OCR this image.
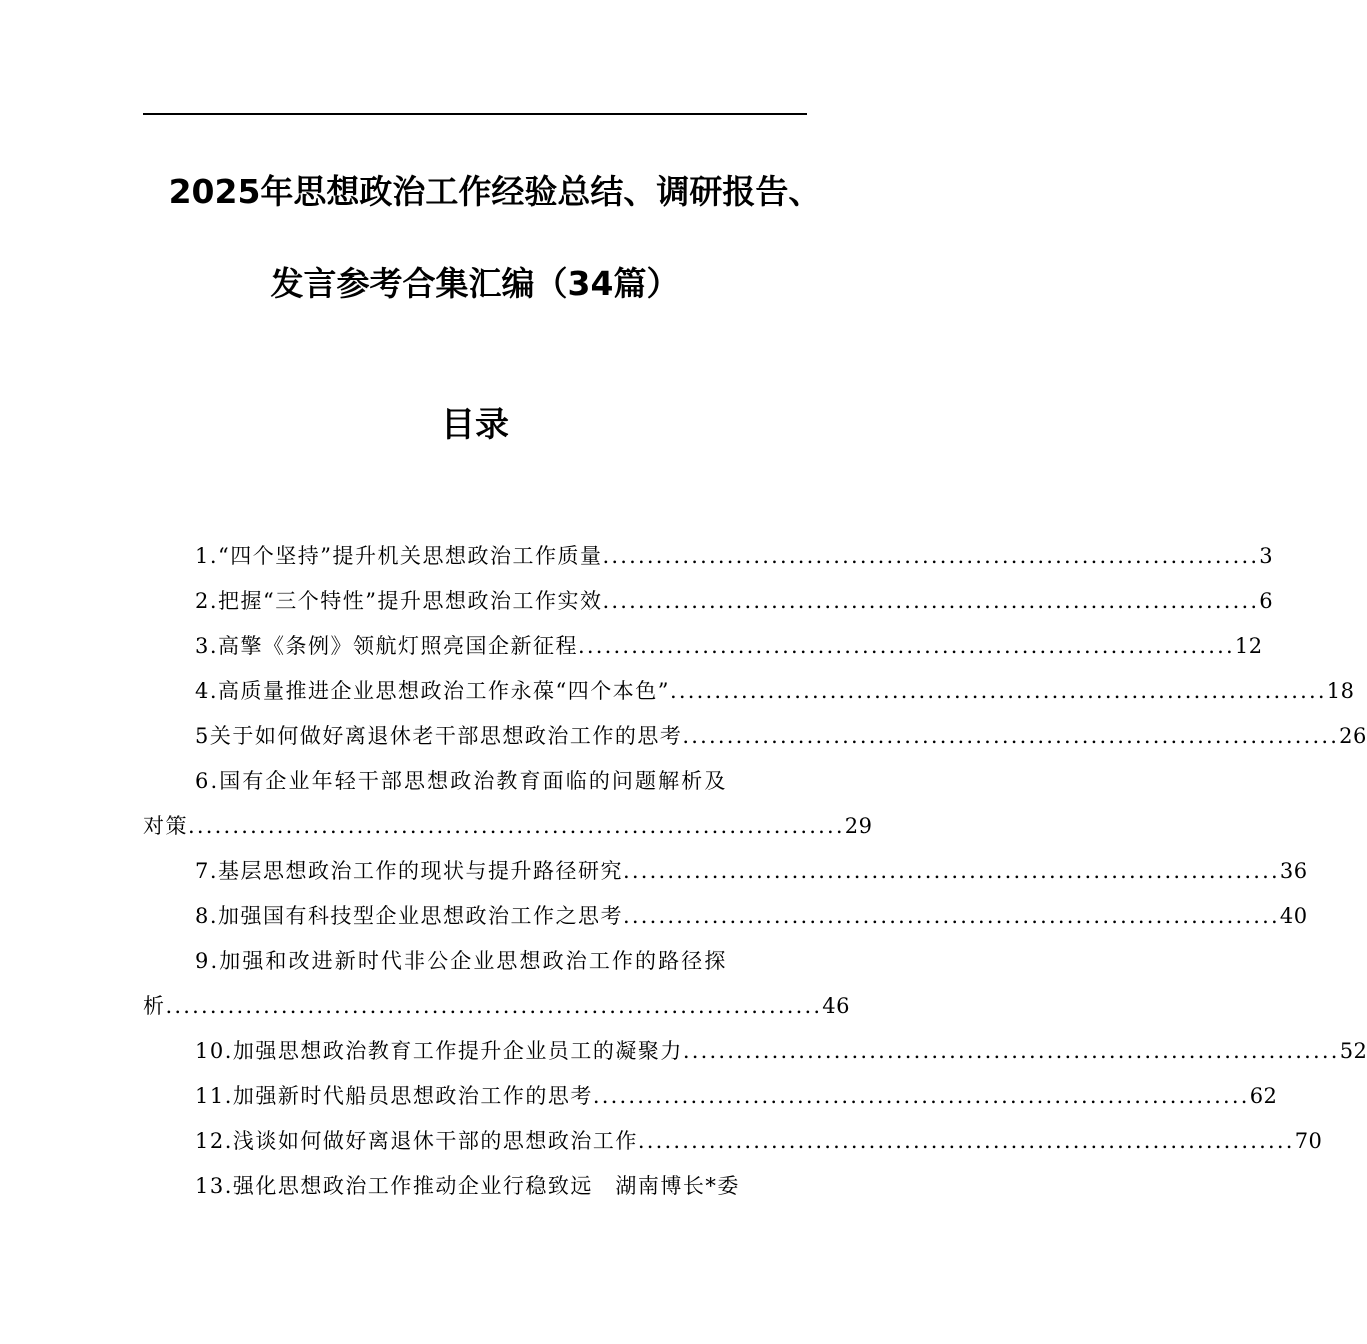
2025年思想政治工作经验总结、调研报告、
发言参考合集汇编（34篇）
目录
1.“四个坚持”提升机关思想政治工作质量 .......................................................................... 3
2.把握“三个特性”提升思想政治工作实效 .......................................................................... 6
3.高擎《条例》领航灯照亮国企新征程 .......................................................................... 12
4.高质量推进企业思想政治工作永葆“四个本色” .......................................................................... 18
5关于如何做好离退休老干部思想政治工作的思考 .......................................................................... 26
6.国有企业年轻干部思想政治教育面临的问题解析及
对策 .......................................................................... 29
7.基层思想政治工作的现状与提升路径研究 .......................................................................... 36
8.加强国有科技型企业思想政治工作之思考 .......................................................................... 40
9.加强和改进新时代非公企业思想政治工作的路径探
析 .......................................................................... 46
10.加强思想政治教育工作提升企业员工的凝聚力 .......................................................................... 52
11.加强新时代船员思想政治工作的思考 .......................................................................... 62
12.浅谈如何做好离退休干部的思想政治工作 .......................................................................... 70
13.强化思想政治工作推动企业行稳致远　湖南博长*委
